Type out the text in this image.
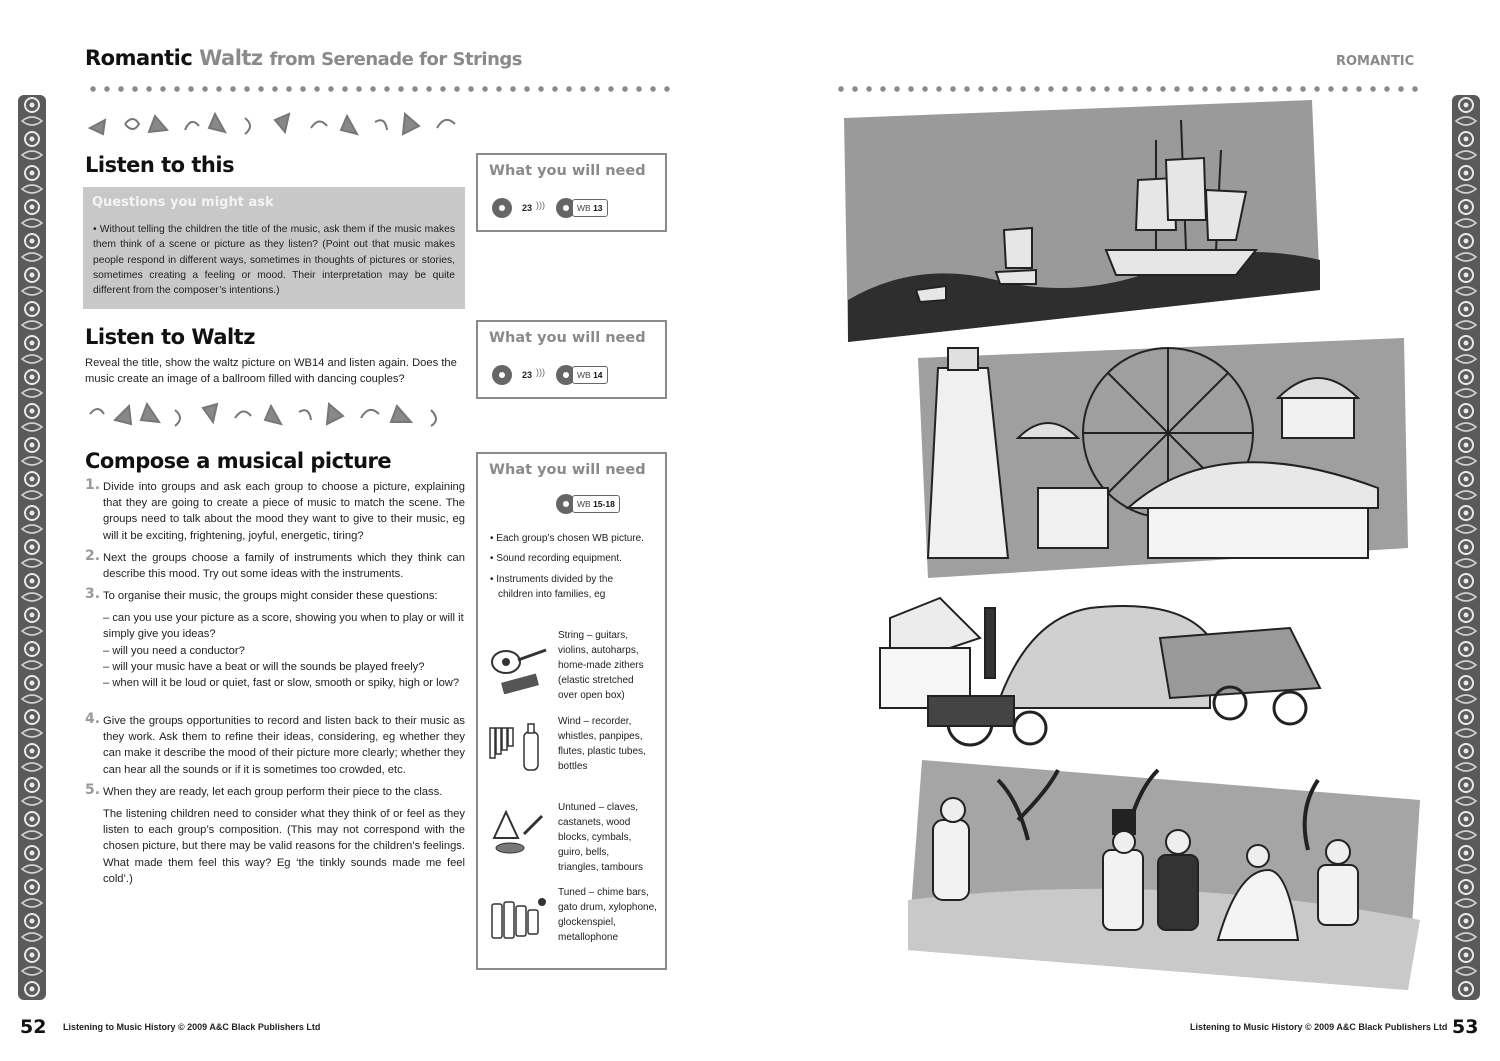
Romantic Waltz from Serenade for Strings	ROMANTIC
Listen to this
Questions you might ask
• Without telling the children the title of the music, ask them if the music makes them think of a scene or picture as they listen? (Point out that music makes people respond in different ways, sometimes in thoughts of pictures or stories, sometimes creating a feeling or mood. Their interpretation may be quite different from the composer’s intentions.)
Listen to Waltz
Reveal the title, show the waltz picture on WB14 and listen again. Does the music create an image of a ballroom filled with dancing couples?
Compose a musical picture
1. Divide into groups and ask each group to choose a picture, explaining that they are going to create a piece of music to match the scene. The groups need to talk about the mood they want to give to their music, eg will it be exciting, frightening, joyful, energetic, tiring?
2. Next the groups choose a family of instruments which they think can describe this mood. Try out some ideas with the instruments.
3. To organise their music, the groups might consider these questions:
– can you use your picture as a score, showing you when to play or will it simply give you ideas?
– will you need a conductor?
– will your music have a beat or will the sounds be played freely?
– when will it be loud or quiet, fast or slow, smooth or spiky, high or low?
4. Give the groups opportunities to record and listen back to their music as they work. Ask them to refine their ideas, considering, eg whether they can make it describe the mood of their picture more clearly; whether they can hear all the sounds or if it is sometimes too crowded, etc.
5. When they are ready, let each group perform their piece to the class.
The listening children need to consider what they think of or feel as they listen to each group’s composition. (This may not correspond with the chosen picture, but there may be valid reasons for the children’s feelings. What made them feel this way? Eg ‘the tinkly sounds made me feel cold’.)
What you will need
23 )))	WB 13
What you will need
23 )))	WB 14
What you will need
WB 15-18
• Each group’s chosen WB picture.
• Sound recording equipment.
• Instruments divided by the
children into families, eg
String – guitars,
violins, autoharps,
home-made zithers
(elastic stretched
over open box)
Wind – recorder,
whistles, panpipes,
flutes, plastic tubes,
bottles
Untuned – claves,
castanets, wood
blocks, cymbals,
guiro, bells,
triangles, tambours
Tuned – chime bars,
gato drum, xylophone,
glockenspiel,
metallophone
52 Listening to Music History © 2009 A&C Black Publishers Ltd	Listening to Music History © 2009 A&C Black Publishers Ltd 53
